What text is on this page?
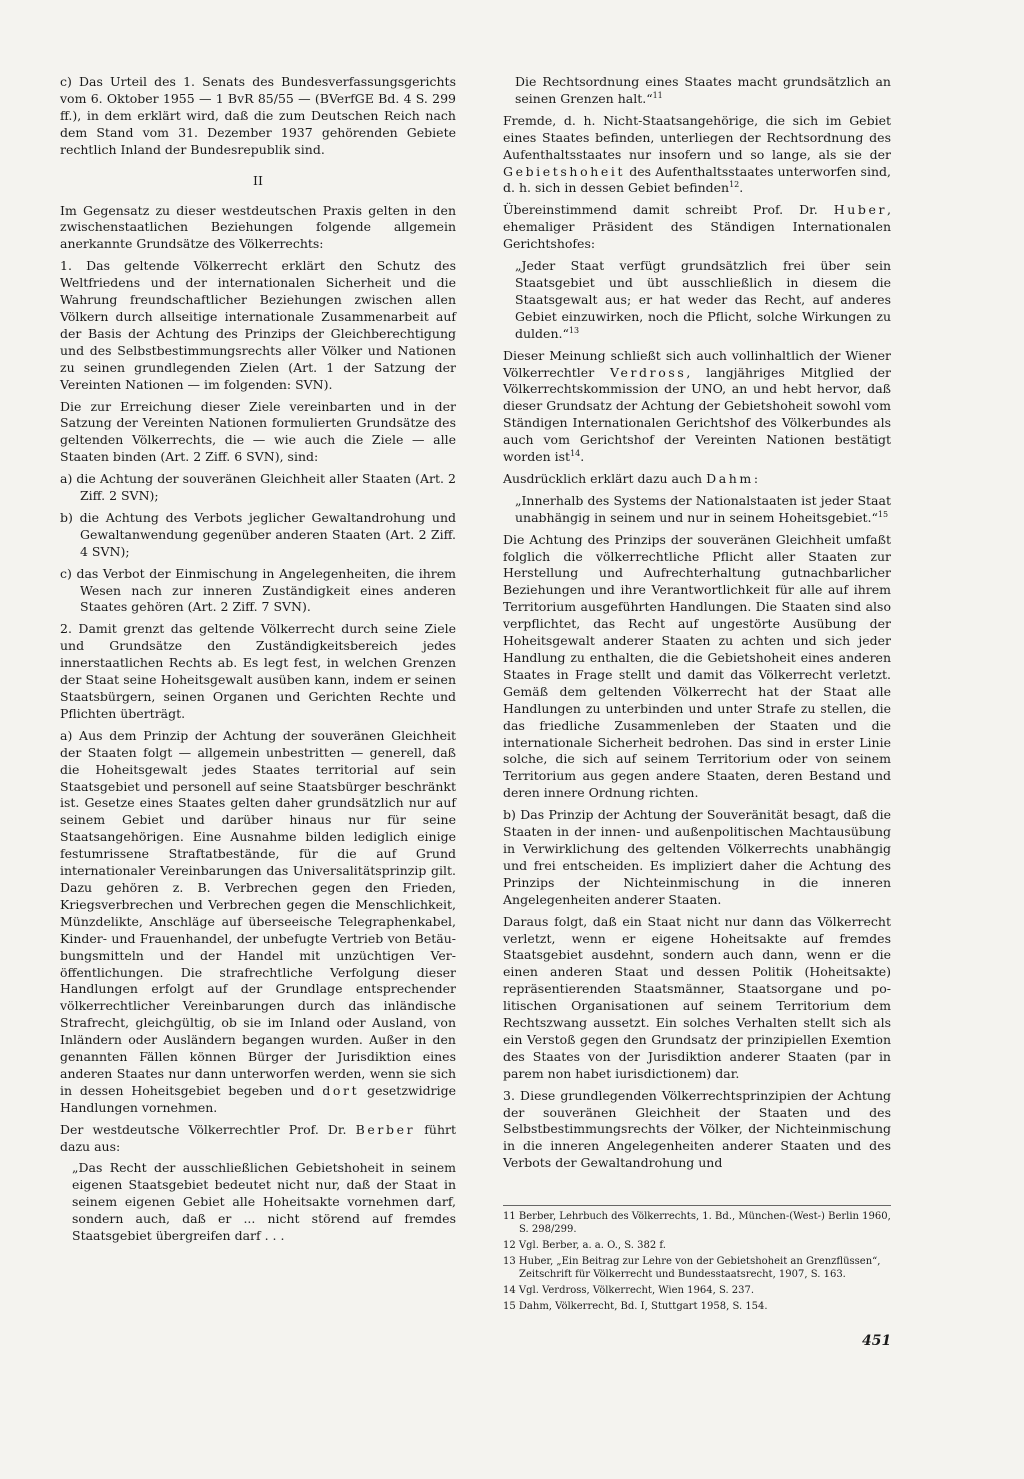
c) Das Urteil des 1. Senats des Bundesverfassungsgerichts vom 6. Oktober 1955 — 1 BvR 85/55 — (BVerfGE Bd. 4 S. 299 ff.), in dem erklärt wird, daß die zum Deutschen Reich nach dem Stand vom 31. Dezember 1937 gehörenden Gebiete rechtlich Inland der Bundesrepublik sind.

II

Im Gegensatz zu dieser westdeutschen Praxis gelten in den zwischenstaatlichen Beziehungen folgende allgemein anerkannte Grundsätze des Völkerrechts:

1. Das geltende Völkerrecht erklärt den Schutz des Weltfriedens und der internationalen Sicherheit und die Wahrung freundschaftlicher Beziehungen zwischen allen Völkern durch allseitige internationale Zusammenarbeit auf der Basis der Achtung des Prinzips der Gleichberechtigung und des Selbstbestimmungsrechts aller Völker und Nationen zu seinen grundlegenden Zielen (Art. 1 der Satzung der Vereinten Nationen — im folgenden: SVN).

Die zur Erreichung dieser Ziele vereinbarten und in der Satzung der Vereinten Nationen formulierten Grundsätze des geltenden Völkerrechts, die — wie auch die Ziele — alle Staaten binden (Art. 2 Ziff. 6 SVN), sind:

a) die Achtung der souveränen Gleichheit aller Staaten (Art. 2 Ziff. 2 SVN);

b) die Achtung des Verbots jeglicher Gewaltandrohung und Gewaltanwendung gegenüber anderen Staaten (Art. 2 Ziff. 4 SVN);

c) das Verbot der Einmischung in Angelegenheiten, die ihrem Wesen nach zur inneren Zuständigkeit eines anderen Staates gehören (Art. 2 Ziff. 7 SVN).

2. Damit grenzt das geltende Völkerrecht durch seine Ziele und Grundsätze den Zuständigkeitsbereich jedes innerstaatlichen Rechts ab. Es legt fest, in welchen Grenzen der Staat seine Hoheitsgewalt ausüben kann, indem er seinen Staatsbürgern, seinen Organen und Gerichten Rechte und Pflichten überträgt.

a) Aus dem Prinzip der Achtung der souveränen Gleichheit der Staaten folgt — allgemein unbestritten — generell, daß die Hoheitsgewalt jedes Staates territorial auf sein Staatsgebiet und personell auf seine Staatsbürger beschränkt ist. Gesetze eines Staates gelten daher grundsätzlich nur auf seinem Gebiet und darüber hinaus nur für seine Staatsangehörigen. Eine Ausnahme bilden lediglich einige festumrissene Straftatbestände, für die auf Grund internationaler Vereinbarungen das Universalitätsprinzip gilt. Dazu gehören z. B. Verbrechen gegen den Frieden, Kriegsverbrechen und Verbrechen gegen die Menschlichkeit, Münzdelikte, Anschläge auf überseeische Telegraphenkabel, Kinder- und Frauenhandel, der unbefugte Vertrieb von Betäubungsmitteln und der Handel mit unzüchtigen Veröffentlichungen. Die strafrechtliche Verfolgung dieser Handlungen erfolgt auf der Grundlage entsprechender völkerrechtlicher Vereinbarungen durch das inländische Strafrecht, gleichgültig, ob sie im Inland oder Ausland, von Inländern oder Ausländern begangen wurden. Außer in den genannten Fällen können Bürger der Jurisdiktion eines anderen Staates nur dann unterworfen werden, wenn sie sich in dessen Hoheitsgebiet begeben und dort gesetzwidrige Handlungen vornehmen.

Der westdeutsche Völkerrechtler Prof. Dr. Berber führt dazu aus:

„Das Recht der ausschließlichen Gebietshoheit in seinem eigenen Staatsgebiet bedeutet nicht nur, daß der Staat in seinem eigenen Gebiet alle Hoheitsakte vornehmen darf, sondern auch, daß er ... nicht störend auf fremdes Staatsgebiet übergreifen darf . . .

Die Rechtsordnung eines Staates macht grundsätzlich an seinen Grenzen halt.“$^{11}$

Fremde, d. h. Nicht-Staatsangehörige, die sich im Gebiet eines Staates befinden, unterliegen der Rechtsordnung des Aufenthaltsstaates nur insofern und so lange, als sie der Gebietshoheit des Aufenthaltsstaates unterworfen sind, d. h. sich in dessen Gebiet befinden$^{12}$.

Übereinstimmend damit schreibt Prof. Dr. Huber, ehemaliger Präsident des Ständigen Internationalen Gerichtshofes:

„Jeder Staat verfügt grundsätzlich frei über sein Staatsgebiet und übt ausschließlich in diesem die Staatsgewalt aus; er hat weder das Recht, auf anderes Gebiet einzuwirken, noch die Pflicht, solche Wirkungen zu dulden.“$^{13}$

Dieser Meinung schließt sich auch vollinhaltlich der Wiener Völkerrechtler Verdross, langjähriges Mitglied der Völkerrechtskommission der UNO, an und hebt hervor, daß dieser Grundsatz der Achtung der Gebietshoheit sowohl vom Ständigen Internationalen Gerichtshof des Völkerbundes als auch vom Gerichtshof der Vereinten Nationen bestätigt worden ist$^{14}$.

Ausdrücklich erklärt dazu auch Dahm:

„Innerhalb des Systems der Nationalstaaten ist jeder Staat unabhängig in seinem und nur in seinem Hoheitsgebiet.“$^{15}$

Die Achtung des Prinzips der souveränen Gleichheit umfaßt folglich die völkerrechtliche Pflicht aller Staaten zur Herstellung und Aufrechterhaltung gutnachbarlicher Beziehungen und ihre Verantwortlichkeit für alle auf ihrem Territorium ausgeführten Handlungen. Die Staaten sind also verpflichtet, das Recht auf ungestörte Ausübung der Hoheitsgewalt anderer Staaten zu achten und sich jeder Handlung zu enthalten, die die Gebietshoheit eines anderen Staates in Frage stellt und damit das Völkerrecht verletzt. Gemäß dem geltenden Völkerrecht hat der Staat alle Handlungen zu unterbinden und unter Strafe zu stellen, die das friedliche Zusammenleben der Staaten und die internationale Sicherheit bedrohen. Das sind in erster Linie solche, die sich auf seinem Territorium oder von seinem Territorium aus gegen andere Staaten, deren Bestand und deren innere Ordnung richten.

b) Das Prinzip der Achtung der Souveränität besagt, daß die Staaten in der innen- und außenpolitischen Machtausübung in Verwirklichung des geltenden Völkerrechts unabhängig und frei entscheiden. Es impliziert daher die Achtung des Prinzips der Nichteinmischung in die inneren Angelegenheiten anderer Staaten.

Daraus folgt, daß ein Staat nicht nur dann das Völkerrecht verletzt, wenn er eigene Hoheitsakte auf fremdes Staatsgebiet ausdehnt, sondern auch dann, wenn er die einen anderen Staat und dessen Politik (Hoheitsakte) repräsentierenden Staatsmänner, Staatsorgane und politischen Organisationen auf seinem Territorium dem Rechtszwang aussetzt. Ein solches Verhalten stellt sich als ein Verstoß gegen den Grundsatz der prinzipiellen Exemtion des Staates von der Jurisdiktion anderer Staaten (par in parem non habet iurisdictionem) dar.

3. Diese grundlegenden Völkerrechtsprinzipien der Achtung der souveränen Gleichheit der Staaten und des Selbstbestimmungsrechts der Völker, der Nichteinmischung in die inneren Angelegenheiten anderer Staaten und des Verbots der Gewaltandrohung und

11 Berber, Lehrbuch des Völkerrechts, 1. Bd., München-(West-) Berlin 1960, S. 298/299.

12 Vgl. Berber, a. a. O., S. 382 f.

13 Huber, „Ein Beitrag zur Lehre von der Gebietshoheit an Grenzflüssen“, Zeitschrift für Völkerrecht und Bundesstaatsrecht, 1907, S. 163.

14 Vgl. Verdross, Völkerrecht, Wien 1964, S. 237.

15 Dahm, Völkerrecht, Bd. I, Stuttgart 1958, S. 154.

451
